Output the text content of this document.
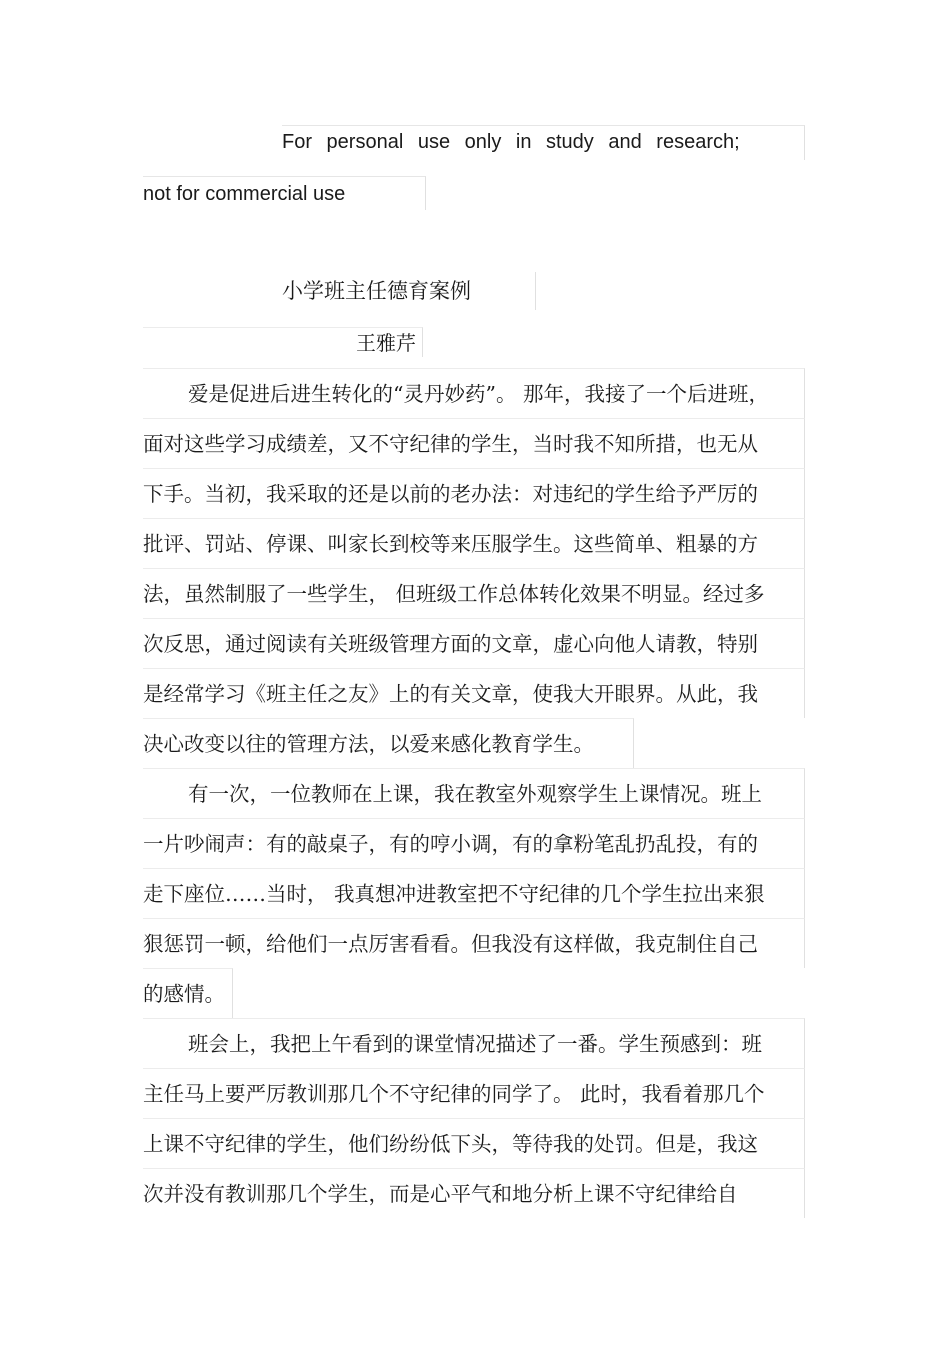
For personal use only in study and research;
not for commercial use
小学班主任德育案例
王雅芹
爱是促进后进生转化的“灵丹妙药”。 那年，我接了一个后进班，
面对这些学习成绩差，又不守纪律的学生，当时我不知所措，也无从
下手。当初，我采取的还是以前的老办法：对违纪的学生给予严厉的
批评、罚站、停课、叫家长到校等来压服学生。这些简单、粗暴的方
法，虽然制服了一些学生， 但班级工作总体转化效果不明显。经过多
次反思，通过阅读有关班级管理方面的文章，虚心向他人请教，特别
是经常学习《班主任之友》上的有关文章，使我大开眼界。从此，我
决心改变以往的管理方法，以爱来感化教育学生。
有一次，一位教师在上课，我在教室外观察学生上课情况。班上
一片吵闹声：有的敲桌子，有的哼小调，有的拿粉笔乱扔乱投，有的
走下座位……当时， 我真想冲进教室把不守纪律的几个学生拉出来狠
狠惩罚一顿，给他们一点厉害看看。但我没有这样做，我克制住自己
的感情。
班会上，我把上午看到的课堂情况描述了一番。学生预感到：班
主任马上要严厉教训那几个不守纪律的同学了。 此时，我看着那几个
上课不守纪律的学生，他们纷纷低下头，等待我的处罚。但是，我这
次并没有教训那几个学生，而是心平气和地分析上课不守纪律给自
